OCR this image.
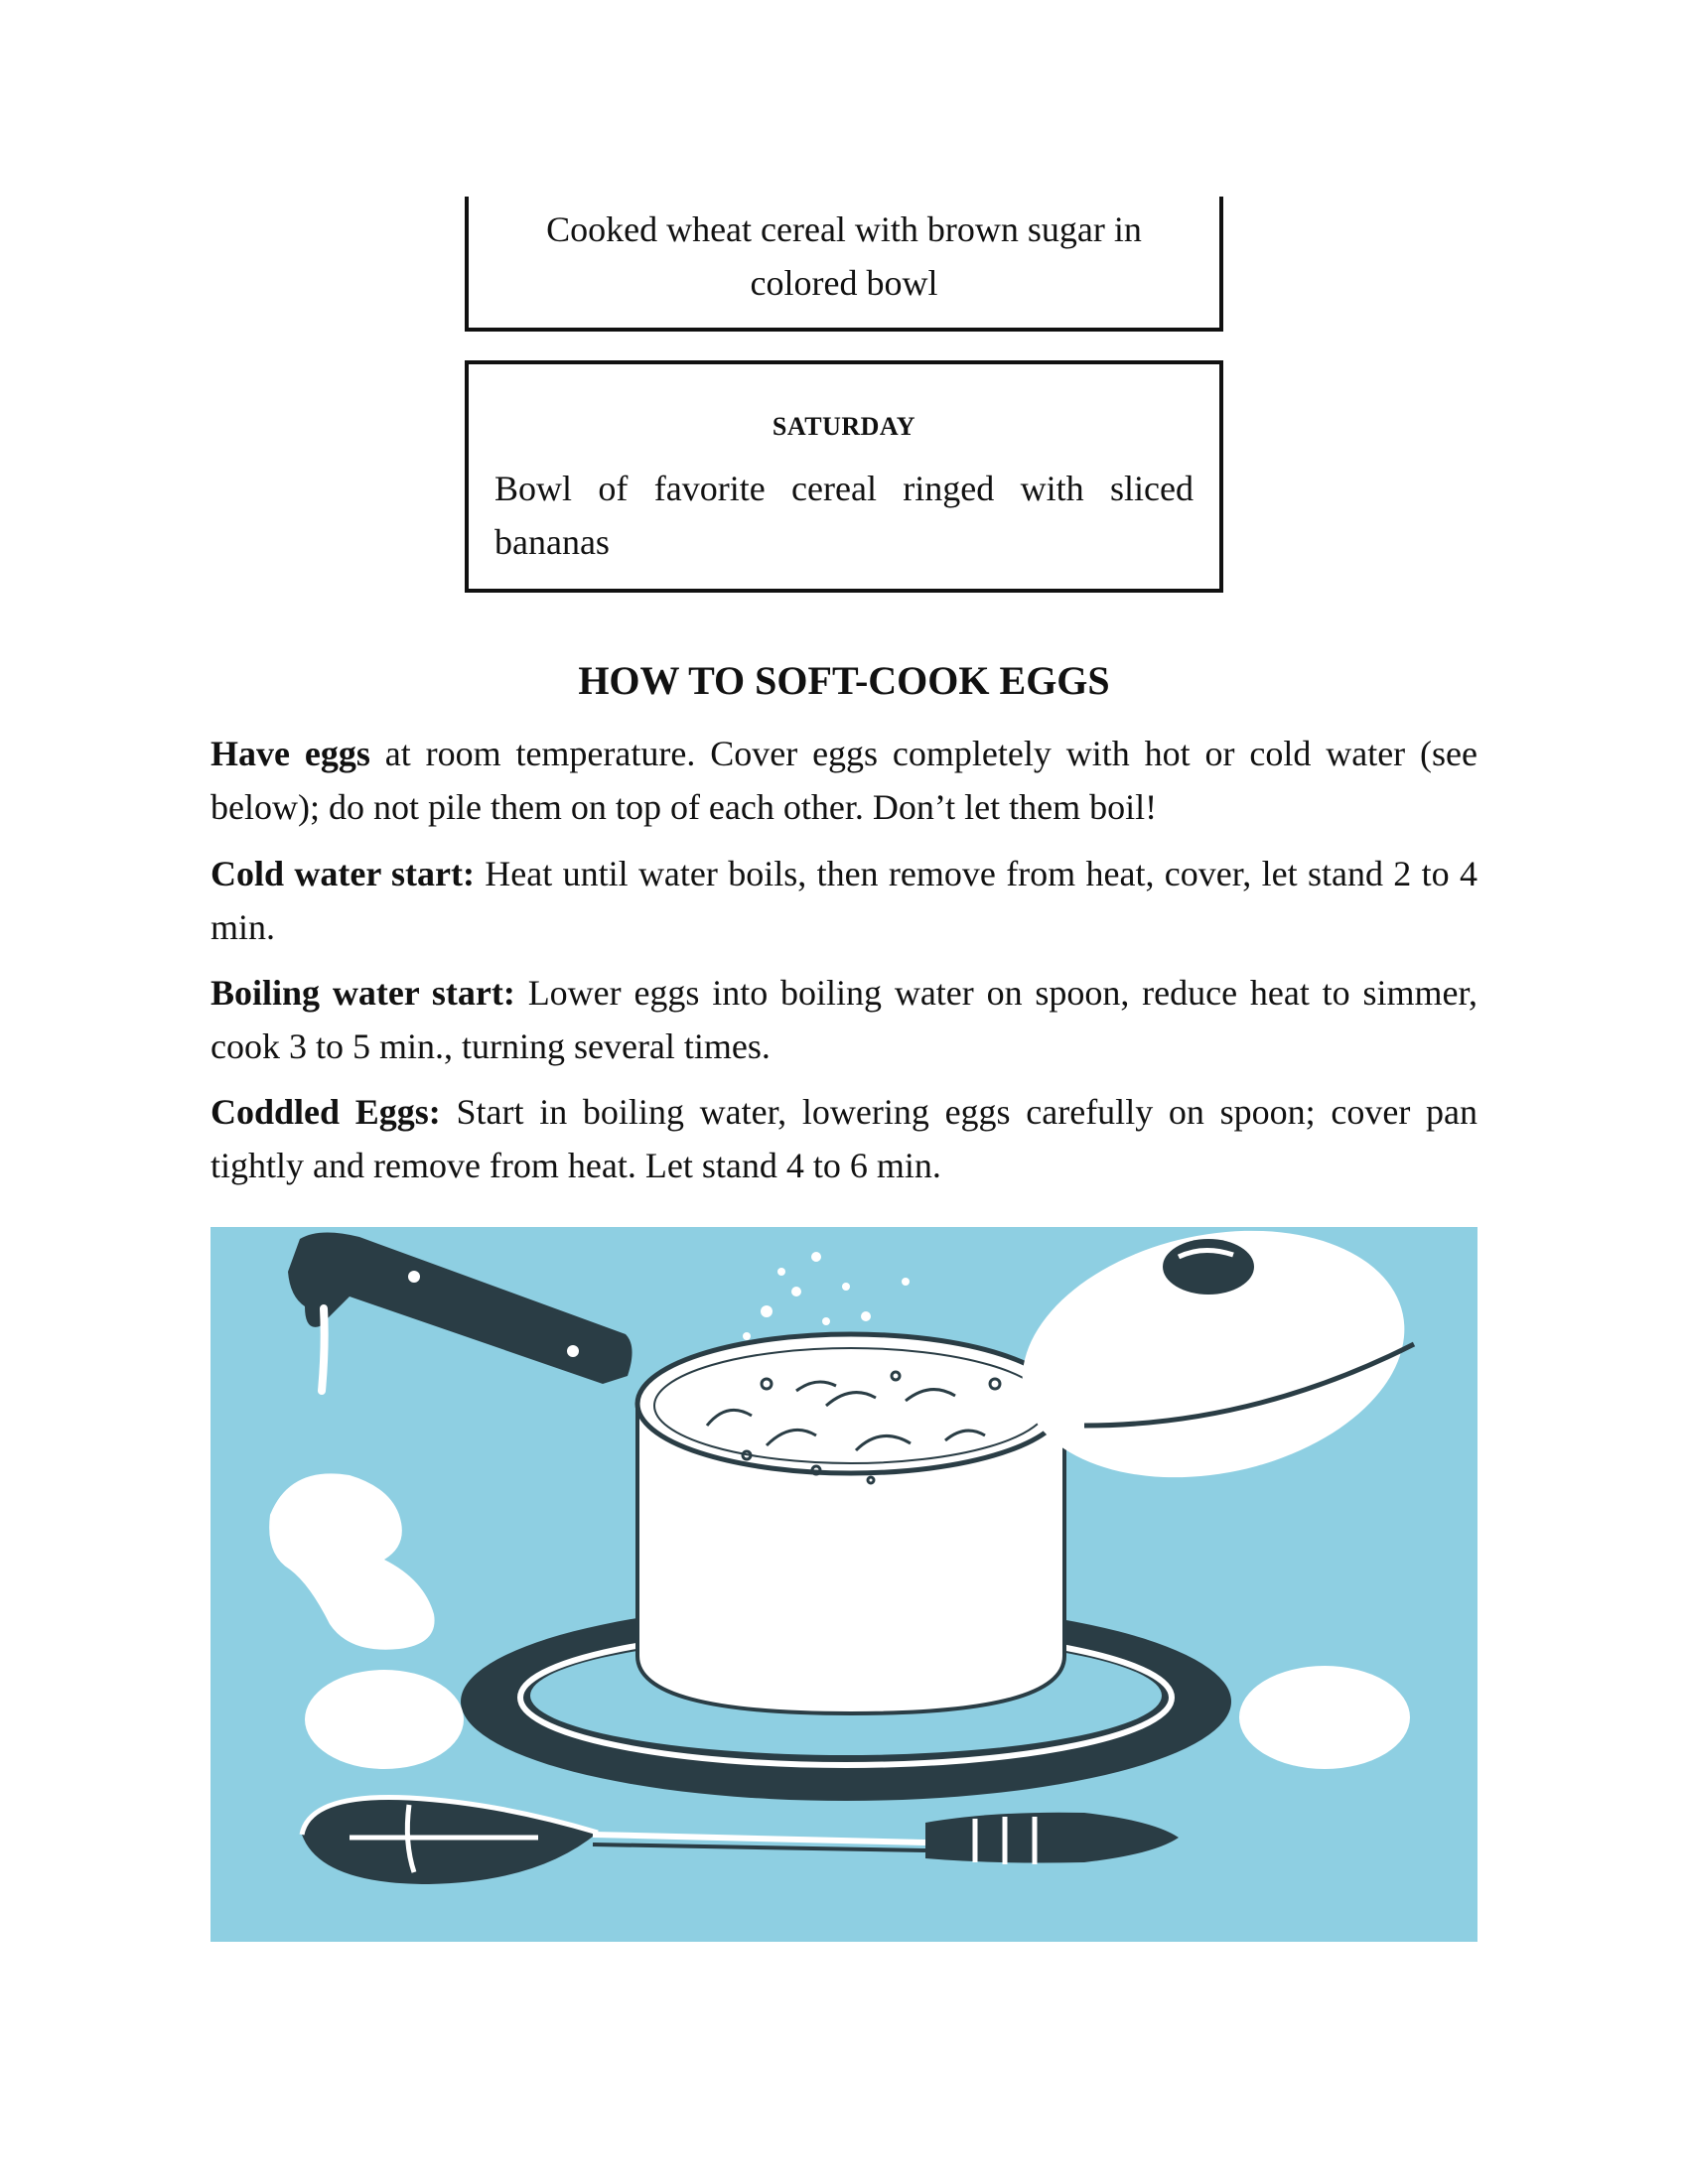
Cooked wheat cereal with brown sugar in colored bowl
SATURDAY
Bowl of favorite cereal ringed with sliced bananas
HOW TO SOFT-COOK EGGS
Have eggs at room temperature. Cover eggs completely with hot or cold water (see below); do not pile them on top of each other. Don’t let them boil!
Cold water start: Heat until water boils, then remove from heat, cover, let stand 2 to 4 min.
Boiling water start: Lower eggs into boiling water on spoon, reduce heat to simmer, cook 3 to 5 min., turning several times.
Coddled Eggs: Start in boiling water, lowering eggs carefully on spoon; cover pan tightly and remove from heat. Let stand 4 to 6 min.
